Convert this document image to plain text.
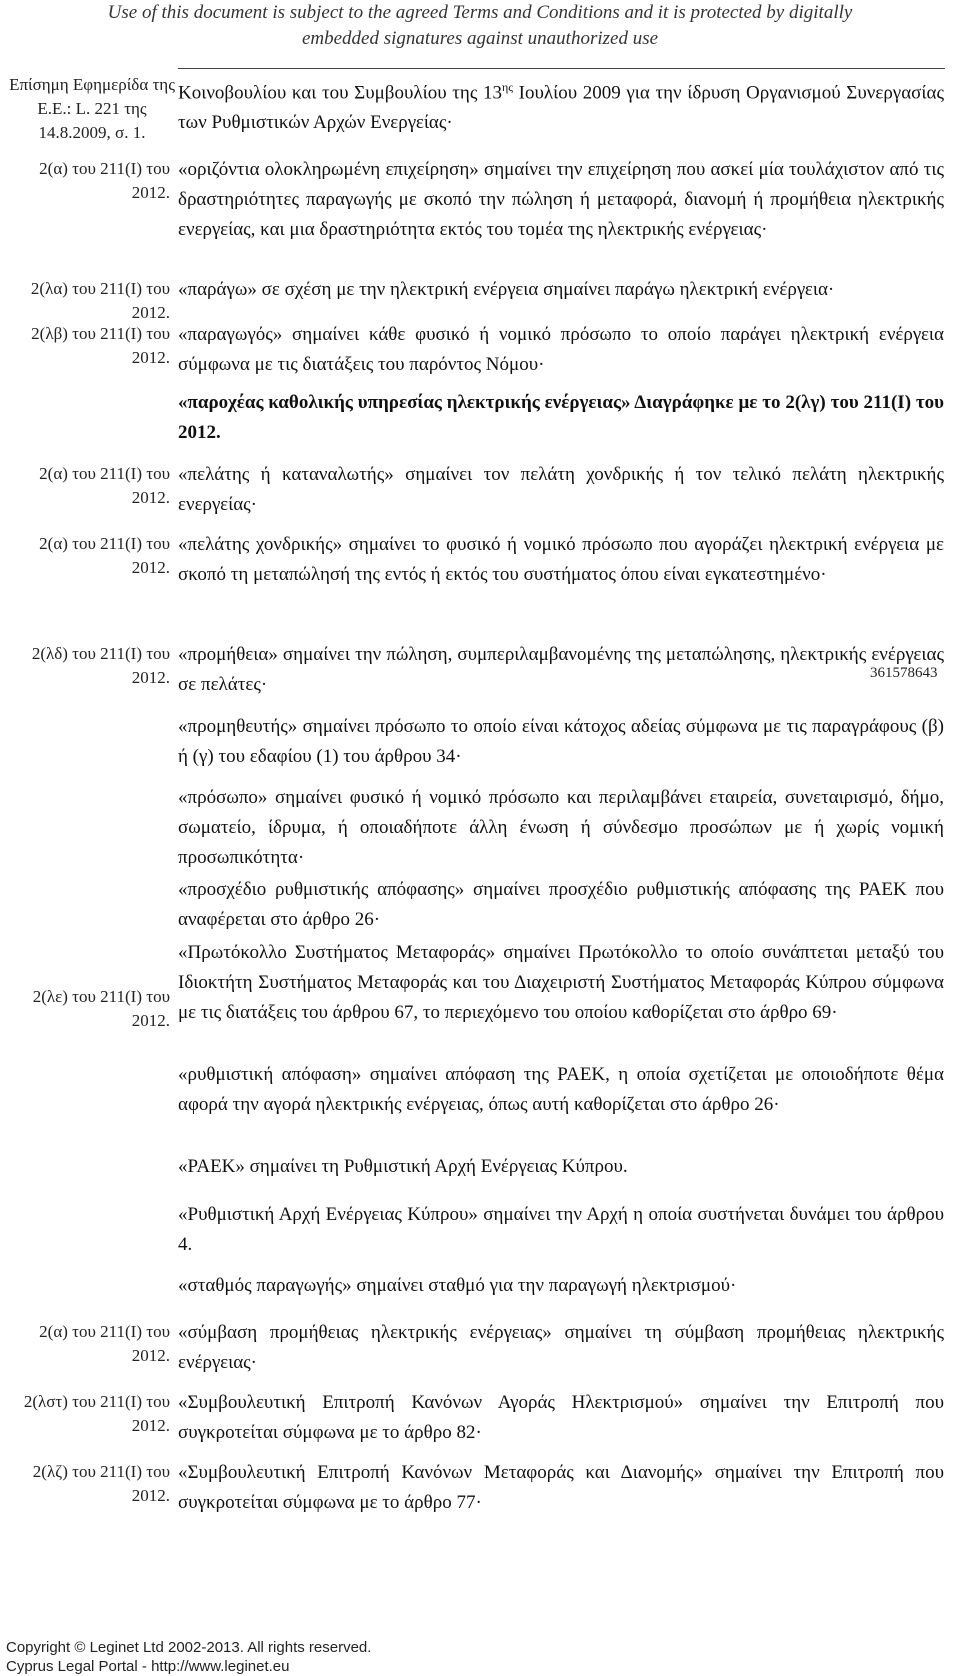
Use of this document is subject to the agreed Terms and Conditions and it is protected by digitally
embedded signatures against unauthorized use
Επίσημη Εφημερίδα της Ε.Ε.: L. 221 της 14.8.2009, σ. 1.
Κοινοβουλίου και του Συμβουλίου της $13^{\eta\varsigma}$ Ιουλίου 2009 για την ίδρυση Οργανισμού Συνεργασίας των Ρυθμιστικών Αρχών Ενεργείας·
2(α) του 211(Ι) του 2012.
«οριζόντια ολοκληρωμένη επιχείρηση» σημαίνει την επιχείρηση που ασκεί μία τουλάχιστον από τις δραστηριότητες παραγωγής με σκοπό την πώληση ή μεταφορά, διανομή ή προμήθεια ηλεκτρικής ενεργείας, και μια δραστηριότητα εκτός του τομέα της ηλεκτρικής ενέργειας·
2(λα) του 211(Ι) του 2012.
«παράγω» σε σχέση με την ηλεκτρική ενέργεια σημαίνει παράγω ηλεκτρική ενέργεια·
2(λβ) του 211(Ι) του 2012.
«παραγωγός» σημαίνει κάθε φυσικό ή νομικό πρόσωπο το οποίο παράγει ηλεκτρική ενέργεια σύμφωνα με τις διατάξεις του παρόντος Νόμου·
«παροχέας καθολικής υπηρεσίας ηλεκτρικής ενέργειας» Διαγράφηκε με το 2(λγ) του 211(Ι) του 2012.
2(α) του 211(Ι) του 2012.
«πελάτης ή καταναλωτής» σημαίνει τον πελάτη χονδρικής ή τον τελικό πελάτη ηλεκτρικής ενεργείας·
2(α) του 211(Ι) του 2012.
«πελάτης χονδρικής» σημαίνει το φυσικό ή νομικό πρόσωπο που αγοράζει ηλεκτρική ενέργεια με σκοπό τη μεταπώλησή της εντός ή εκτός του συστήματος όπου είναι εγκατεστημένο·
361578643
2(λδ) του 211(Ι) του 2012.
«προμήθεια» σημαίνει την πώληση, συμπεριλαμβανομένης της μεταπώλησης, ηλεκτρικής ενέργειας σε πελάτες·
«προμηθευτής» σημαίνει πρόσωπο το οποίο είναι κάτοχος αδείας σύμφωνα με τις παραγράφους (β) ή (γ) του εδαφίου (1) του άρθρου 34·
«πρόσωπο» σημαίνει φυσικό ή νομικό πρόσωπο και περιλαμβάνει εταιρεία, συνεταιρισμό, δήμο, σωματείο, ίδρυμα, ή οποιαδήποτε άλλη ένωση ή σύνδεσμο προσώπων με ή χωρίς νομική προσωπικότητα·
«προσχέδιο ρυθμιστικής απόφασης» σημαίνει προσχέδιο ρυθμιστικής απόφασης της ΡΑΕΚ που αναφέρεται στο άρθρο 26·
2(λε) του 211(Ι) του 2012.
«Πρωτόκολλο Συστήματος Μεταφοράς» σημαίνει Πρωτόκολλο το οποίο συνάπτεται μεταξύ του Ιδιοκτήτη Συστήματος Μεταφοράς και του Διαχειριστή Συστήματος Μεταφοράς Κύπρου σύμφωνα με τις διατάξεις του άρθρου 67, το περιεχόμενο του οποίου καθορίζεται στο άρθρο 69·
«ρυθμιστική απόφαση» σημαίνει απόφαση της ΡΑΕΚ, η οποία σχετίζεται με οποιοδήποτε θέμα αφορά την αγορά ηλεκτρικής ενέργειας, όπως αυτή καθορίζεται στο άρθρο 26·
«ΡΑΕΚ» σημαίνει τη Ρυθμιστική Αρχή Ενέργειας Κύπρου.
«Ρυθμιστική Αρχή Ενέργειας Κύπρου» σημαίνει την Αρχή η οποία συστήνεται δυνάμει του άρθρου 4.
«σταθμός παραγωγής» σημαίνει σταθμό για την παραγωγή ηλεκτρισμού·
2(α) του 211(Ι) του 2012.
«σύμβαση προμήθειας ηλεκτρικής ενέργειας» σημαίνει τη σύμβαση προμήθειας ηλεκτρικής ενέργειας·
2(λστ) του 211(Ι) του 2012.
«Συμβουλευτική Επιτροπή Κανόνων Αγοράς Ηλεκτρισμού» σημαίνει την Επιτροπή που συγκροτείται σύμφωνα με το άρθρο 82·
2(λζ) του 211(Ι) του 2012.
«Συμβουλευτική Επιτροπή Κανόνων Μεταφοράς και Διανομής» σημαίνει την Επιτροπή που συγκροτείται σύμφωνα με το άρθρο 77·
Copyright © Leginet Ltd 2002-2013. All rights reserved.
Cyprus Legal Portal - http://www.leginet.eu
